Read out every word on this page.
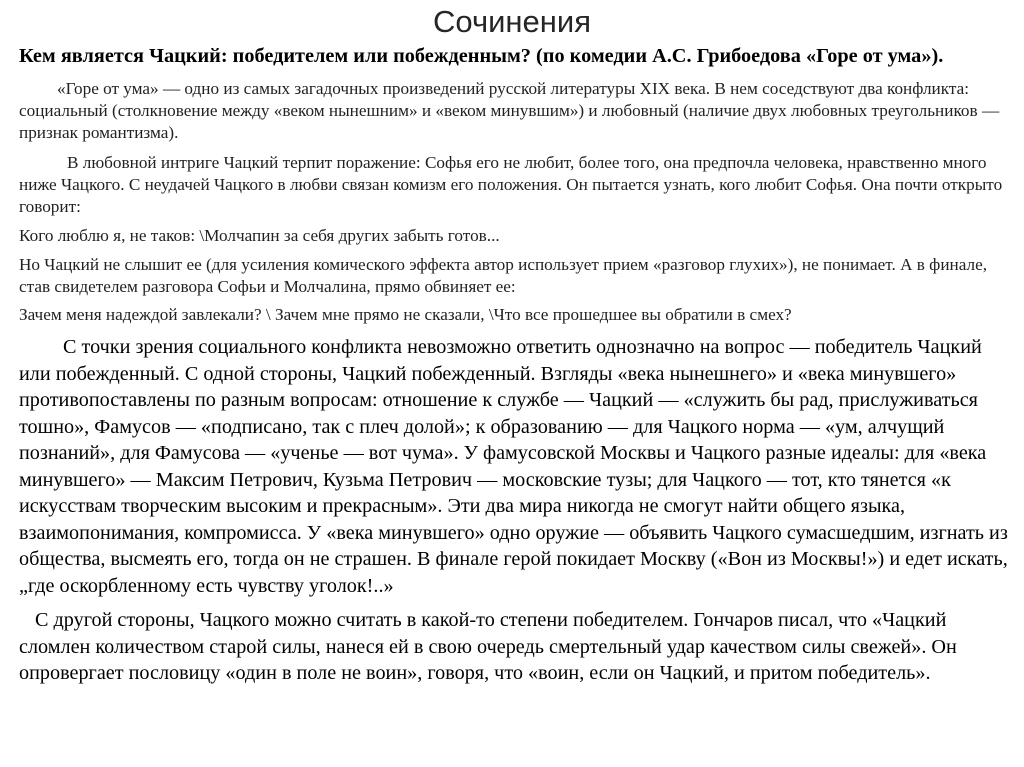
Сочинения
Кем является Чацкий: победителем или побежденным? (по комедии А.С. Грибоедова «Горе от ума»).

«Горе от ума» — одно из самых загадочных произведений русской литературы XIX века. В нем соседствуют два конфликта: социальный (столкновение между «веком нынешним» и «веком минувшим») и любовный (наличие двух любовных треугольников — признак романтизма).

В любовной интриге Чацкий терпит поражение: Софья его не любит, более того, она предпочла человека, нравственно много ниже Чацкого. С неудачей Чацкого в любви связан комизм его положения. Он пытается узнать, кого любит Софья. Она почти открыто говорит:

Кого люблю я, не таков: \Молчапин за себя других забыть готов...

Но Чацкий не слышит ее (для усиления комического эффекта автор использует прием «разговор глухих»), не понимает. А в финале, став свидетелем разговора Софьи и Молчалина, прямо обвиняет ее:

Зачем меня надеждой завлекали? \ Зачем мне прямо не сказали, \Что все прошедшее вы обратили в смех?

С точки зрения социального конфликта невозможно ответить однозначно на вопрос — победитель Чацкий или побежденный. С одной стороны, Чацкий побежденный. Взгляды «века нынешнего» и «века минувшего» противопоставлены по разным вопросам: отношение к службе — Чацкий — «служить бы рад, прислуживаться тошно», Фамусов — «подписано, так с плеч долой»; к образованию — для Чацкого норма — «ум, алчущий познаний», для Фамусова — «ученье — вот чума». У фамусовской Москвы и Чацкого разные идеалы: для «века минувшего» — Максим Петрович, Кузьма Петрович — московские тузы; для Чацкого — тот, кто тянется «к искусствам творческим высоким и прекрасным». Эти два мира никогда не смогут найти общего языка, взаимопонимания, компромисса. У «века минувшего» одно оружие — объявить Чацкого сумасшедшим, изгнать из общества, высмеять его, тогда он не страшен. В финале герой покидает Москву («Вон из Москвы!») и едет искать, „где оскорбленному есть чувству уголок!..»

С другой стороны, Чацкого можно считать в какой-то степени победителем. Гончаров писал, что «Чацкий сломлен количеством старой силы, нанеся ей в свою очередь смертельный удар качеством силы свежей». Он опровергает пословицу «один в поле не воин», говоря, что «воин, если он Чацкий, и притом победитель».
